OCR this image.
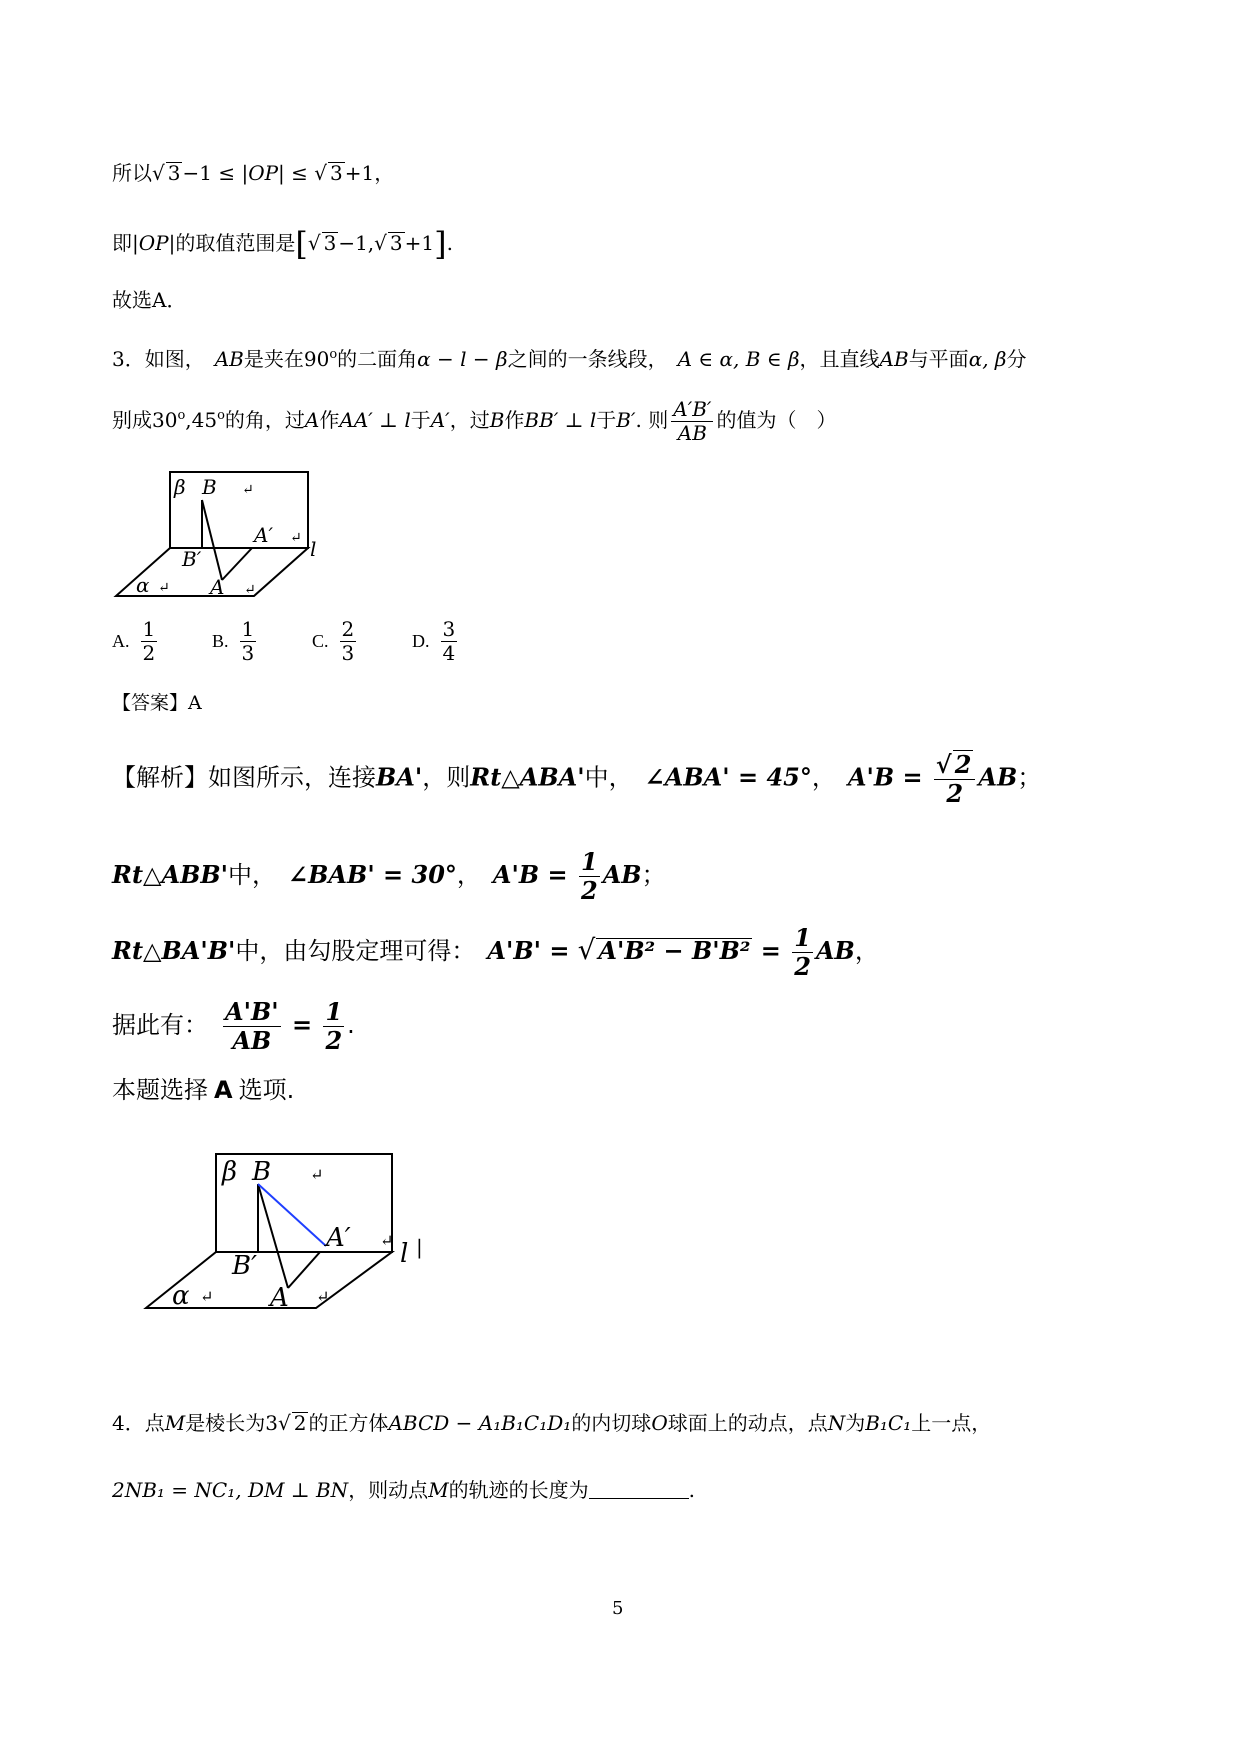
所以√ 3 −1 ≤ |OP| ≤ √ 3 +1，
即|OP|的取值范围是[√ 3 −1,√ 3 +1].
故选A．
3．如图，　 AB是夹在90$^o$的二面角α − l − β之间的一条线段，　 A ∈ α, B ∈ β，且直线AB与平面α, β分
别成30$^o$,45$^o$的角，过A作AA′ ⊥ l于A′，过B作BB′ ⊥ l于B′. 则 $\frac{A'B'}{AB}$ 的值为（　）
β B ↵
A′ ↵ l
B′
A ↵
α ↵
A. $\frac{1}{2}$	B. $\frac{1}{3}$	C. $\frac{2}{3}$	D. $\frac{3}{4}$
【答案】A
【解析】如图所示，连接BA'，则Rt△ABA'中，　 ∠ABA' = 45°，　 $A'B = \frac{√ 2}{2}$ AB；
Rt△ABB'中，　 ∠BAB' = 30°，　 $A'B = \frac{1}{2}$ AB；
Rt△BA'B'中，由勾股定理可得：　 A'B' = √ $A'B^2 - B'B^2 = \frac{1}{2}$ AB，
据此有：　 $\frac{A'B'}{AB} = \frac{1}{2}$ .
本题选择 A 选项.
β B ↵
A′ ↵ l |
B′
A ↵
α ↵
4．点M是棱长为3√ 2 的正方体ABCD − A₁B₁C₁D₁的内切球O球面上的动点，点N为B₁C₁上一点，
2NB₁ = NC₁, DM ⊥ BN，则动点M的轨迹的长度为	.
5
